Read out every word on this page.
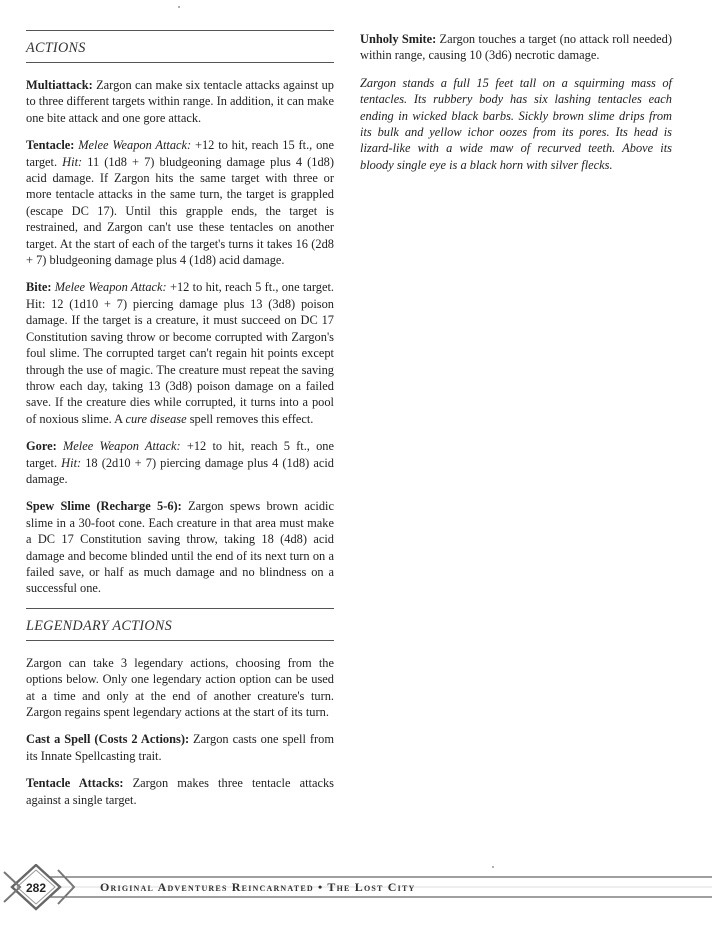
ACTIONS

Multiattack: Zargon can make six tentacle attacks against up to three different targets within range. In addition, it can make one bite attack and one gore attack.

Tentacle: Melee Weapon Attack: +12 to hit, reach 15 ft., one target. Hit: 11 (1d8 + 7) bludgeoning damage plus 4 (1d8) acid damage. If Zargon hits the same target with three or more tentacle attacks in the same turn, the target is grappled (escape DC 17). Until this grapple ends, the target is restrained, and Zargon can't use these tentacles on another target. At the start of each of the target's turns it takes 16 (2d8 + 7) bludgeoning damage plus 4 (1d8) acid damage.

Bite: Melee Weapon Attack: +12 to hit, reach 5 ft., one target. Hit: 12 (1d10 + 7) piercing damage plus 13 (3d8) poison damage. If the target is a creature, it must succeed on DC 17 Constitution saving throw or become corrupted with Zargon's foul slime. The corrupted target can't regain hit points except through the use of magic. The creature must repeat the saving throw each day, taking 13 (3d8) poison damage on a failed save. If the creature dies while corrupted, it turns into a pool of noxious slime. A cure disease spell removes this effect.

Gore: Melee Weapon Attack: +12 to hit, reach 5 ft., one target. Hit: 18 (2d10 + 7) piercing damage plus 4 (1d8) acid damage.

Spew Slime (Recharge 5-6): Zargon spews brown acidic slime in a 30-foot cone. Each creature in that area must make a DC 17 Constitution saving throw, taking 18 (4d8) acid damage and become blinded until the end of its next turn on a failed save, or half as much damage and no blindness on a successful one.

LEGENDARY ACTIONS

Zargon can take 3 legendary actions, choosing from the options below. Only one legendary action option can be used at a time and only at the end of another creature's turn. Zargon regains spent legendary actions at the start of its turn.

Cast a Spell (Costs 2 Actions): Zargon casts one spell from its Innate Spellcasting trait.

Tentacle Attacks: Zargon makes three tentacle attacks against a single target.

Unholy Smite: Zargon touches a target (no attack roll needed) within range, causing 10 (3d6) necrotic damage.

Zargon stands a full 15 feet tall on a squirming mass of tentacles. Its rubbery body has six lashing tentacles each ending in wicked black barbs. Sickly brown slime drips from its bulk and yellow ichor oozes from its pores. Its head is lizard-like with a wide maw of recurved teeth. Above its bloody single eye is a black horn with silver flecks.

282	Original Adventures Reincarnated • The Lost City
